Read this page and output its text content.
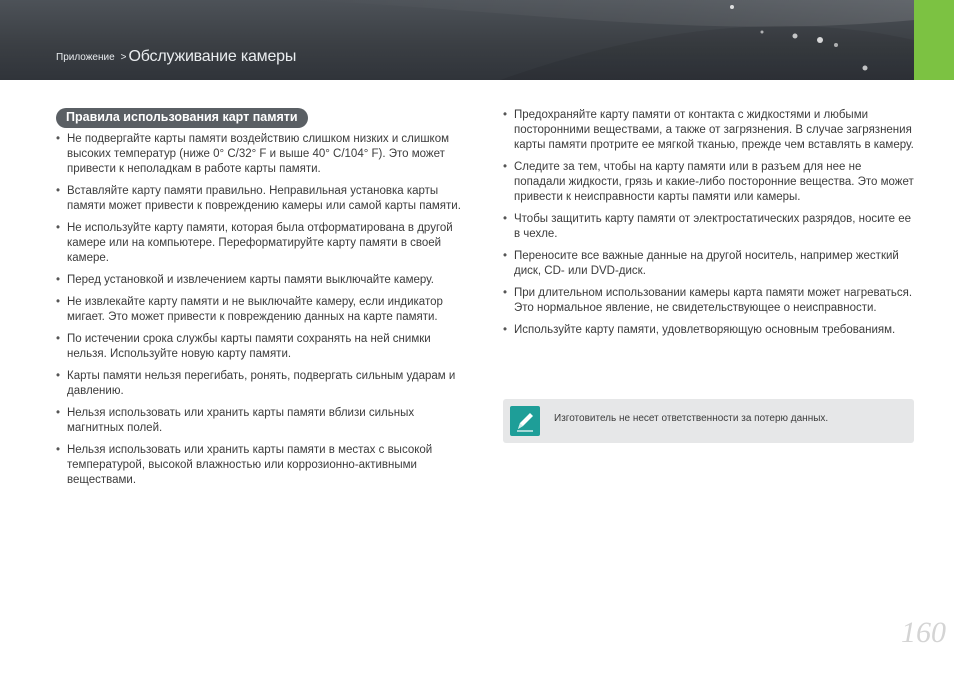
Приложение > Обслуживание камеры
Правила использования карт памяти
• Не подвергайте карты памяти воздействию слишком низких и слишком высоких температур (ниже 0° C/32° F и выше 40° C/104° F). Это может привести к неполадкам в работе карты памяти.
• Вставляйте карту памяти правильно. Неправильная установка карты памяти может привести к повреждению камеры или самой карты памяти.
• Не используйте карту памяти, которая была отформатирована в другой камере или на компьютере. Переформатируйте карту памяти в своей камере.
• Перед установкой и извлечением карты памяти выключайте камеру.
• Не извлекайте карту памяти и не выключайте камеру, если индикатор мигает. Это может привести к повреждению данных на карте памяти.
• По истечении срока службы карты памяти сохранять на ней снимки нельзя. Используйте новую карту памяти.
• Карты памяти нельзя перегибать, ронять, подвергать сильным ударам и давлению.
• Нельзя использовать или хранить карты памяти вблизи сильных магнитных полей.
• Нельзя использовать или хранить карты памяти в местах с высокой температурой, высокой влажностью или коррозионно-активными веществами.
• Предохраняйте карту памяти от контакта с жидкостями и любыми посторонними веществами, а также от загрязнения. В случае загрязнения карты памяти протрите ее мягкой тканью, прежде чем вставлять в камеру.
• Следите за тем, чтобы на карту памяти или в разъем для нее не попадали жидкости, грязь и какие-либо посторонние вещества. Это может привести к неисправности карты памяти или камеры.
• Чтобы защитить карту памяти от электростатических разрядов, носите ее в чехле.
• Переносите все важные данные на другой носитель, например жесткий диск, CD- или DVD-диск.
• При длительном использовании камеры карта памяти может нагреваться. Это нормальное явление, не свидетельствующее о неисправности.
• Используйте карту памяти, удовлетворяющую основным требованиям.
Изготовитель не несет ответственности за потерю данных.
160
